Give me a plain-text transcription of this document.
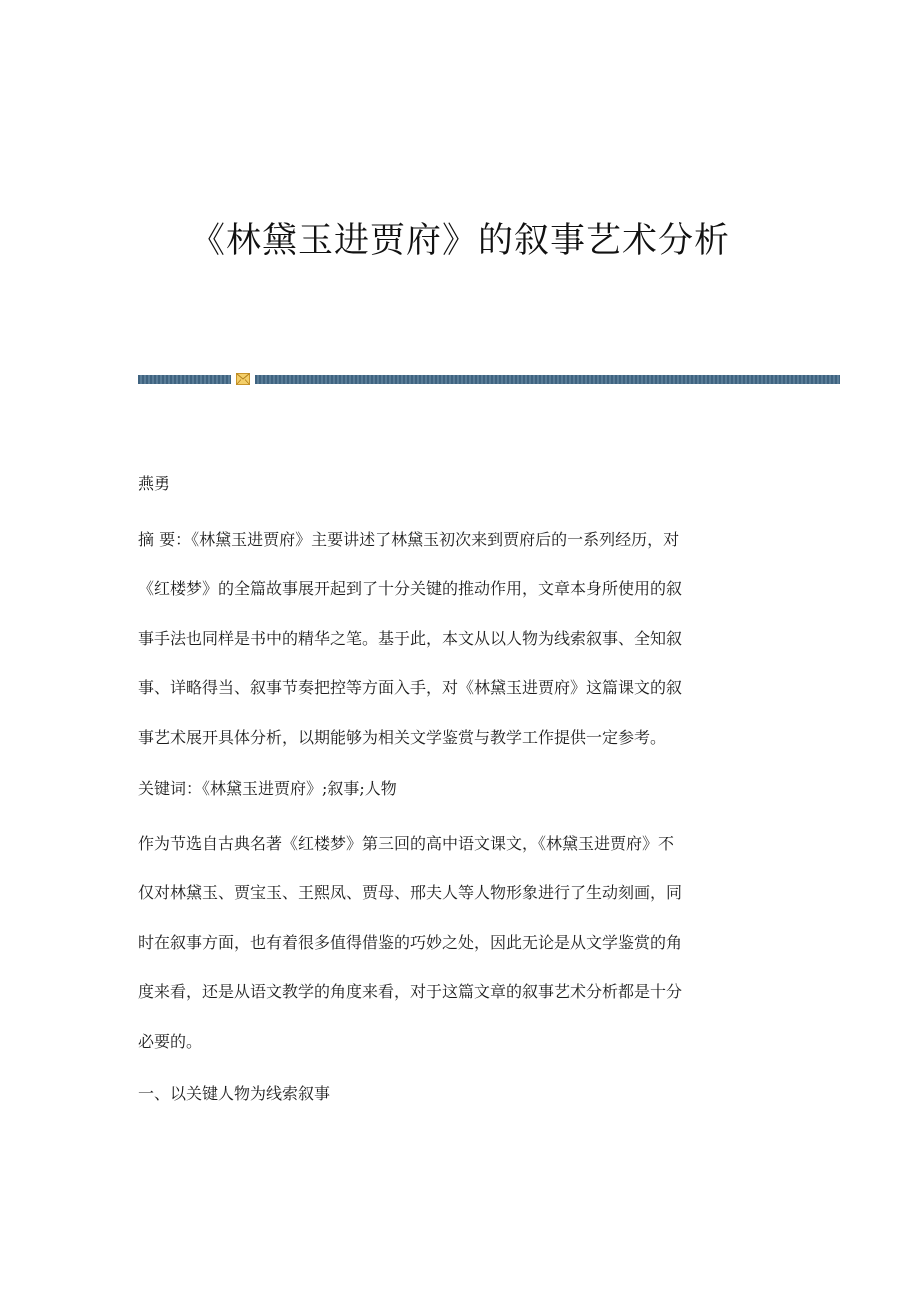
《林黛玉进贾府》的叙事艺术分析
燕勇
摘 要：《林黛玉进贾府》主要讲述了林黛玉初次来到贾府后的一系列经历，对
《红楼梦》的全篇故事展开起到了十分关键的推动作用，文章本身所使用的叙
事手法也同样是书中的精华之笔。基于此，本文从以人物为线索叙事、全知叙
事、详略得当、叙事节奏把控等方面入手，对《林黛玉进贾府》这篇课文的叙
事艺术展开具体分析，以期能够为相关文学鉴赏与教学工作提供一定参考。
关键词：《林黛玉进贾府》;叙事;人物
作为节选自古典名著《红楼梦》第三回的高中语文课文，《林黛玉进贾府》不
仅对林黛玉、贾宝玉、王熙凤、贾母、邢夫人等人物形象进行了生动刻画，同
时在叙事方面，也有着很多值得借鉴的巧妙之处，因此无论是从文学鉴赏的角
度来看，还是从语文教学的角度来看，对于这篇文章的叙事艺术分析都是十分
必要的。
一、以关键人物为线索叙事
